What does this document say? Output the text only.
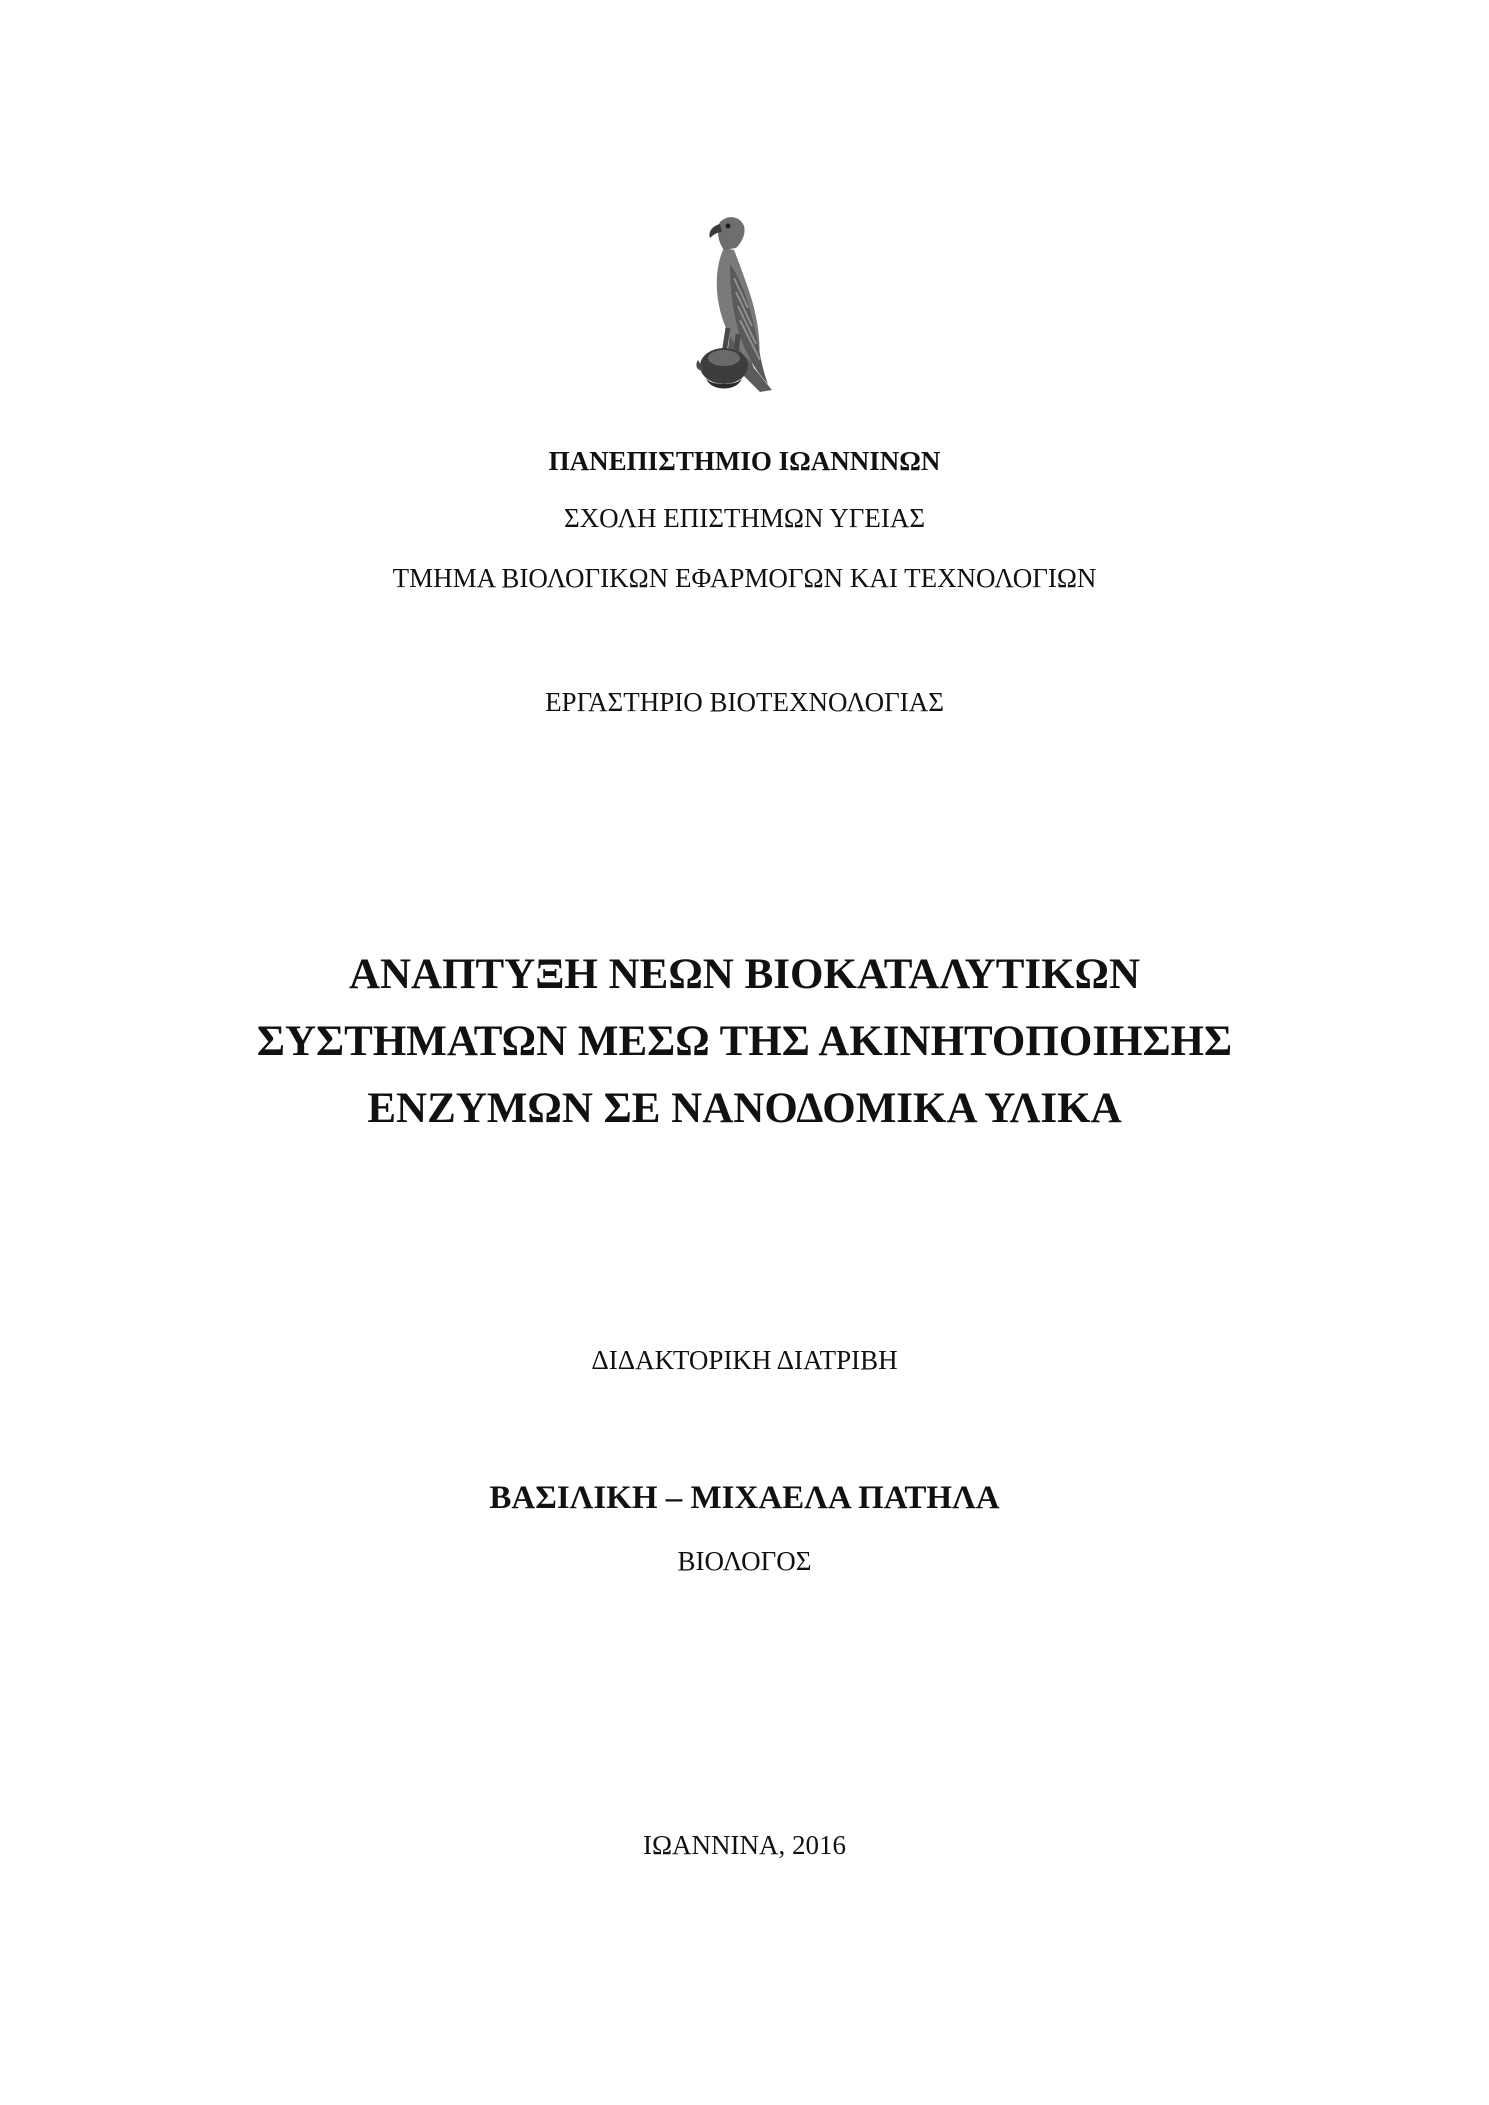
ΠΑΝΕΠΙΣΤΗΜΙΟ ΙΩΑΝΝΙΝΩΝ
ΣΧΟΛΗ ΕΠΙΣΤΗΜΩΝ ΥΓΕΙΑΣ
ΤΜΗΜΑ ΒΙΟΛΟΓΙΚΩΝ ΕΦΑΡΜΟΓΩΝ ΚΑΙ ΤΕΧΝΟΛΟΓΙΩΝ
ΕΡΓΑΣΤΗΡΙΟ ΒΙΟΤΕΧΝΟΛΟΓΙΑΣ
ΑΝΑΠΤΥΞΗ ΝΕΩΝ ΒΙΟΚΑΤΑΛΥΤΙΚΩΝ
ΣΥΣΤΗΜΑΤΩΝ ΜΕΣΩ ΤΗΣ ΑΚΙΝΗΤΟΠΟΙΗΣΗΣ
ΕΝΖΥΜΩΝ ΣΕ ΝΑΝΟΔΟΜΙΚΑ ΥΛΙΚΑ
ΔΙΔΑΚΤΟΡΙΚΗ ΔΙΑΤΡΙΒΗ
ΒΑΣΙΛΙΚΗ – ΜΙΧΑΕΛΑ ΠΑΤΗΛΑ
ΒΙΟΛΟΓΟΣ
ΙΩΑΝΝΙΝΑ, 2016
